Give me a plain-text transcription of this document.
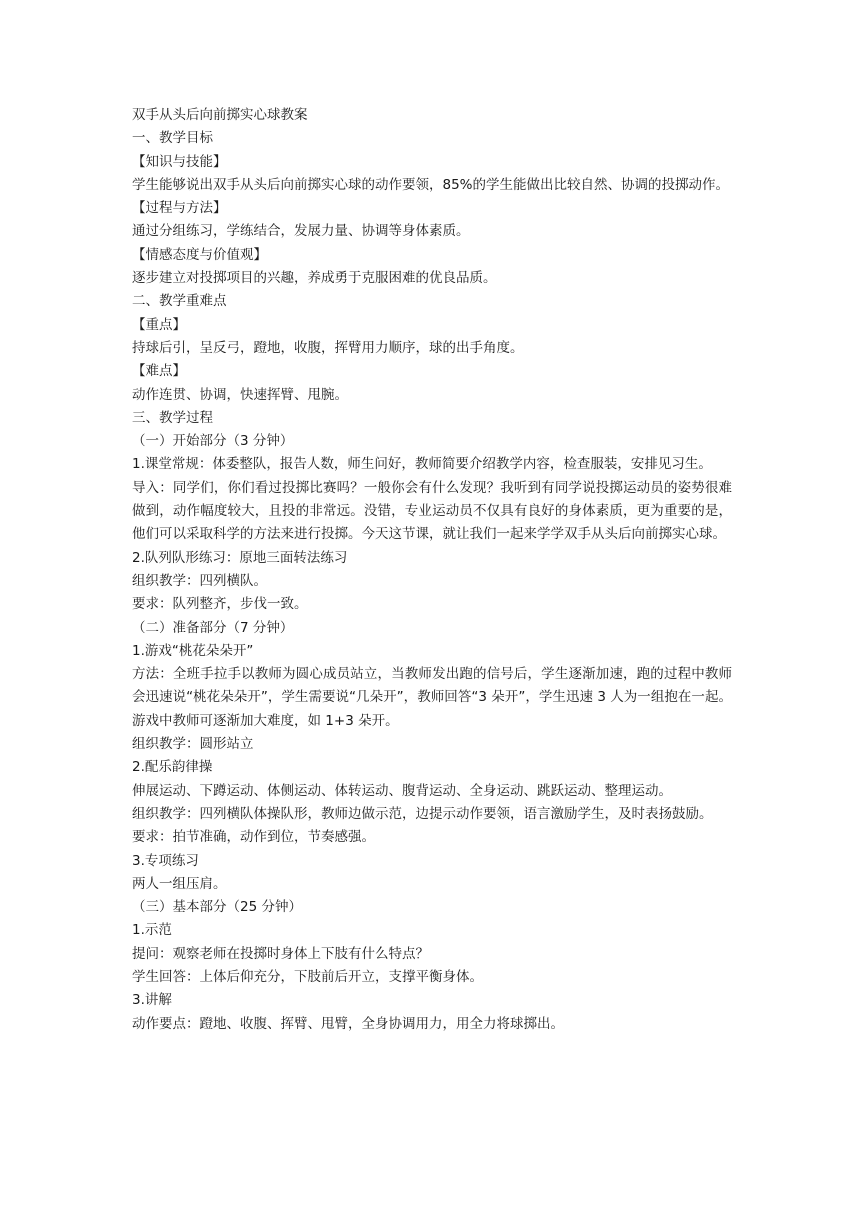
双手从头后向前掷实心球教案

一、教学目标

【知识与技能】

学生能够说出双手从头后向前掷实心球的动作要领，85%的学生能做出比较自然、协调的投掷动作。

【过程与方法】

通过分组练习，学练结合，发展力量、协调等身体素质。

【情感态度与价值观】

逐步建立对投掷项目的兴趣，养成勇于克服困难的优良品质。

二、教学重难点

【重点】

持球后引，呈反弓，蹬地，收腹，挥臂用力顺序，球的出手角度。

【难点】

动作连贯、协调，快速挥臂、甩腕。

三、教学过程

（一）开始部分（3 分钟）

1.课堂常规：体委整队，报告人数，师生问好，教师简要介绍教学内容，检查服装，安排见习生。

导入：同学们，你们看过投掷比赛吗？一般你会有什么发现？我听到有同学说投掷运动员的姿势很难做到，动作幅度较大，且投的非常远。没错，专业运动员不仅具有良好的身体素质，更为重要的是，他们可以采取科学的方法来进行投掷。今天这节课，就让我们一起来学学双手从头后向前掷实心球。

2.队列队形练习：原地三面转法练习

组织教学：四列横队。

要求：队列整齐，步伐一致。

（二）准备部分（7 分钟）

1.游戏“桃花朵朵开”

方法：全班手拉手以教师为圆心成员站立，当教师发出跑的信号后，学生逐渐加速，跑的过程中教师会迅速说“桃花朵朵开”，学生需要说“几朵开”，教师回答“3 朵开”，学生迅速 3 人为一组抱在一起。游戏中教师可逐渐加大难度，如 1+3 朵开。

组织教学：圆形站立

2.配乐韵律操

伸展运动、下蹲运动、体侧运动、体转运动、腹背运动、全身运动、跳跃运动、整理运动。

组织教学：四列横队体操队形，教师边做示范，边提示动作要领，语言激励学生，及时表扬鼓励。

要求：拍节准确，动作到位，节奏感强。

3.专项练习

两人一组压肩。

（三）基本部分（25 分钟）

1.示范

提问：观察老师在投掷时身体上下肢有什么特点？

学生回答：上体后仰充分，下肢前后开立，支撑平衡身体。

3.讲解

动作要点：蹬地、收腹、挥臂、甩臂，全身协调用力，用全力将球掷出。
